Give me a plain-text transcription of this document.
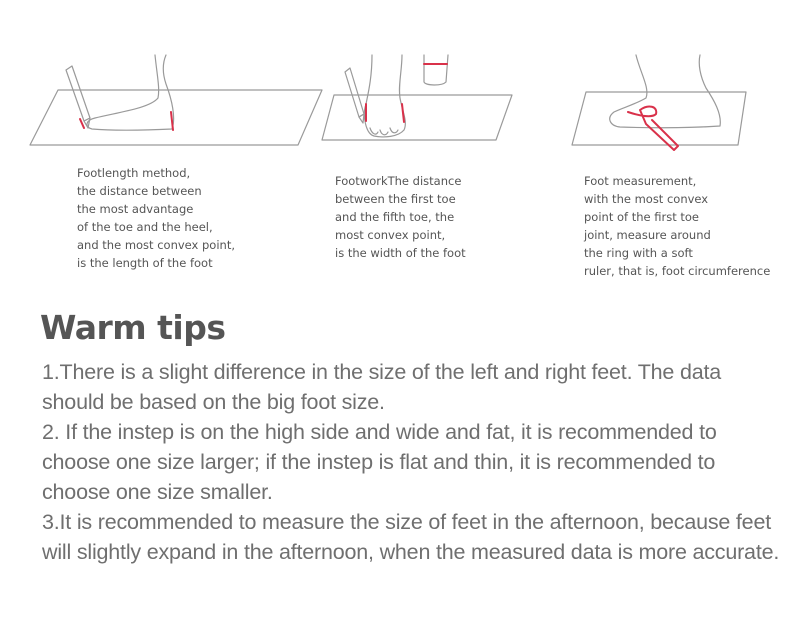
Footlength method,
the distance between
the most advantage
of the toe and the heel,
and the most convex point,
is the length of the foot

FootworkThe distance
between the first toe
and the fifth toe, the
most convex point,
is the width of the foot

Foot measurement,
with the most convex
point of the first toe
joint, measure around
the ring with a soft
ruler, that is, foot circumference

Warm tips
1.There is a slight difference in the size of the left and right feet. The data should be based on the big foot size.
2. If the instep is on the high side and wide and fat, it is recommended to choose one size larger; if the instep is flat and thin, it is recommended to choose one size smaller.
3.It is recommended to measure the size of feet in the afternoon, because feet will slightly expand in the afternoon, when the measured data is more accurate.
